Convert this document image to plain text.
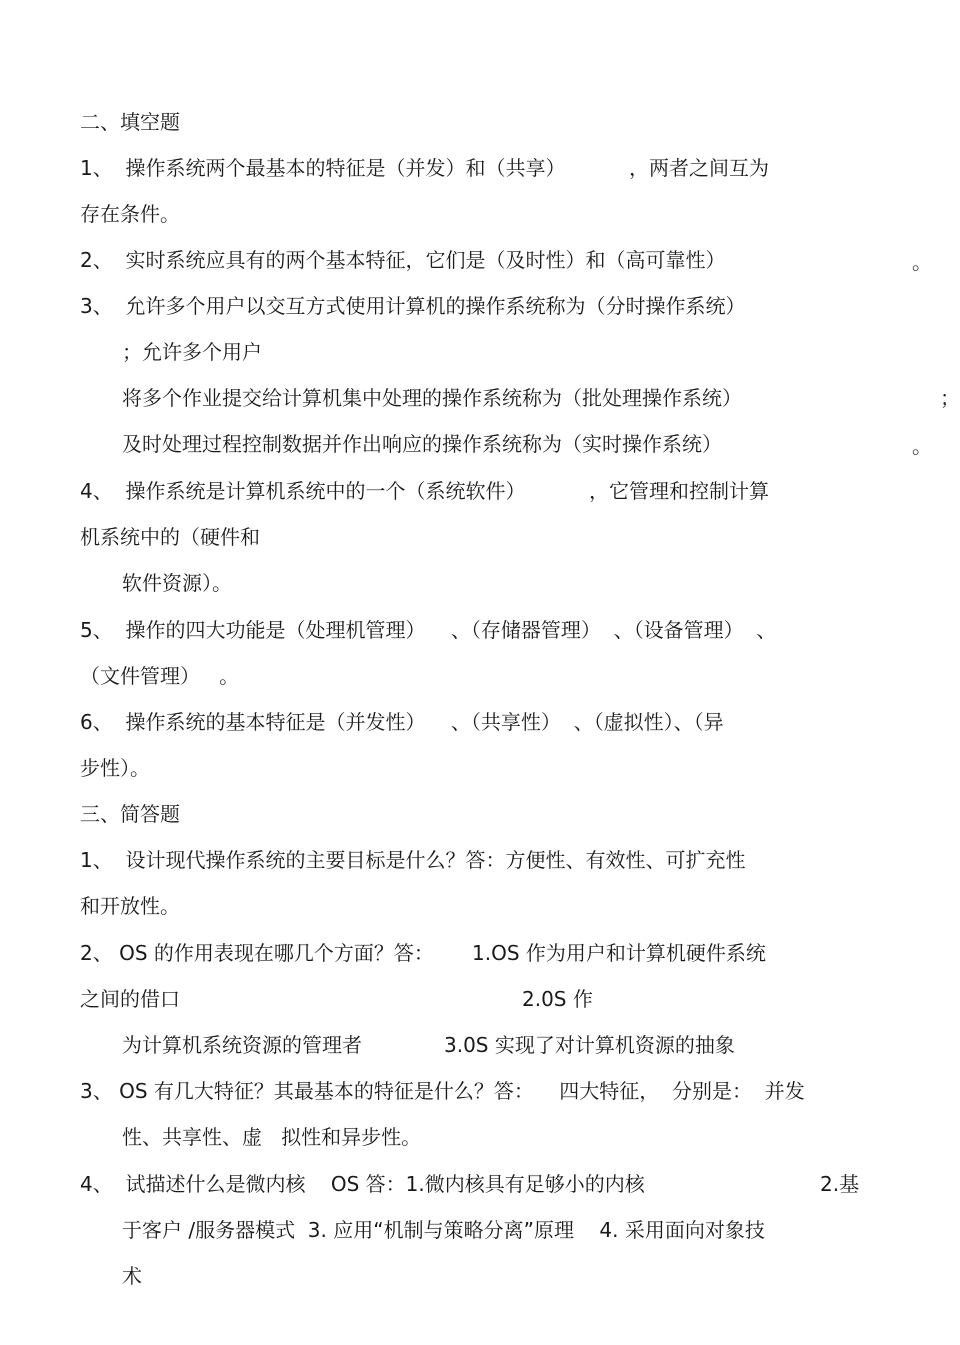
二、填空题
1、  操作系统两个最基本的特征是（并发）和（共享）          ，两者之间互为
存在条件。
2、  实时系统应具有的两个基本特征，它们是（及时性）和（高可靠性）	。
3、  允许多个用户以交互方式使用计算机的操作系统称为（分时操作系统）
；允许多个用户
将多个作业提交给计算机集中处理的操作系统称为（批处理操作系统）	；
及时处理过程控制数据并作出响应的操作系统称为（实时操作系统）	。
4、  操作系统是计算机系统中的一个（系统软件）          ，它管理和控制计算
机系统中的（硬件和
软件资源）。
5、  操作的四大功能是（处理机管理）    、（存储器管理）  、（设备管理）  、
（文件管理）   。
6、  操作系统的基本特征是（并发性）    、（共享性）  、（虚拟性）、（异
步性）。
三、简答题
1、  设计现代操作系统的主要目标是什么？答：方便性、有效性、可扩充性
和开放性。
2、 OS 的作用表现在哪几个方面？答：      1.OS 作为用户和计算机硬件系统
之间的借口	2.0S 作
为计算机系统资源的管理者	3.0S 实现了对计算机资源的抽象
3、 OS 有几大特征？其最基本的特征是什么？答：    四大特征，  分别是：  并发
性、共享性、虚   拟性和异步性。
4、  试描述什么是微内核    OS 答：1.微内核具有足够小的内核	2.基
于客户 /服务器模式  3. 应用“机制与策略分离”原理    4. 采用面向对象技
术
